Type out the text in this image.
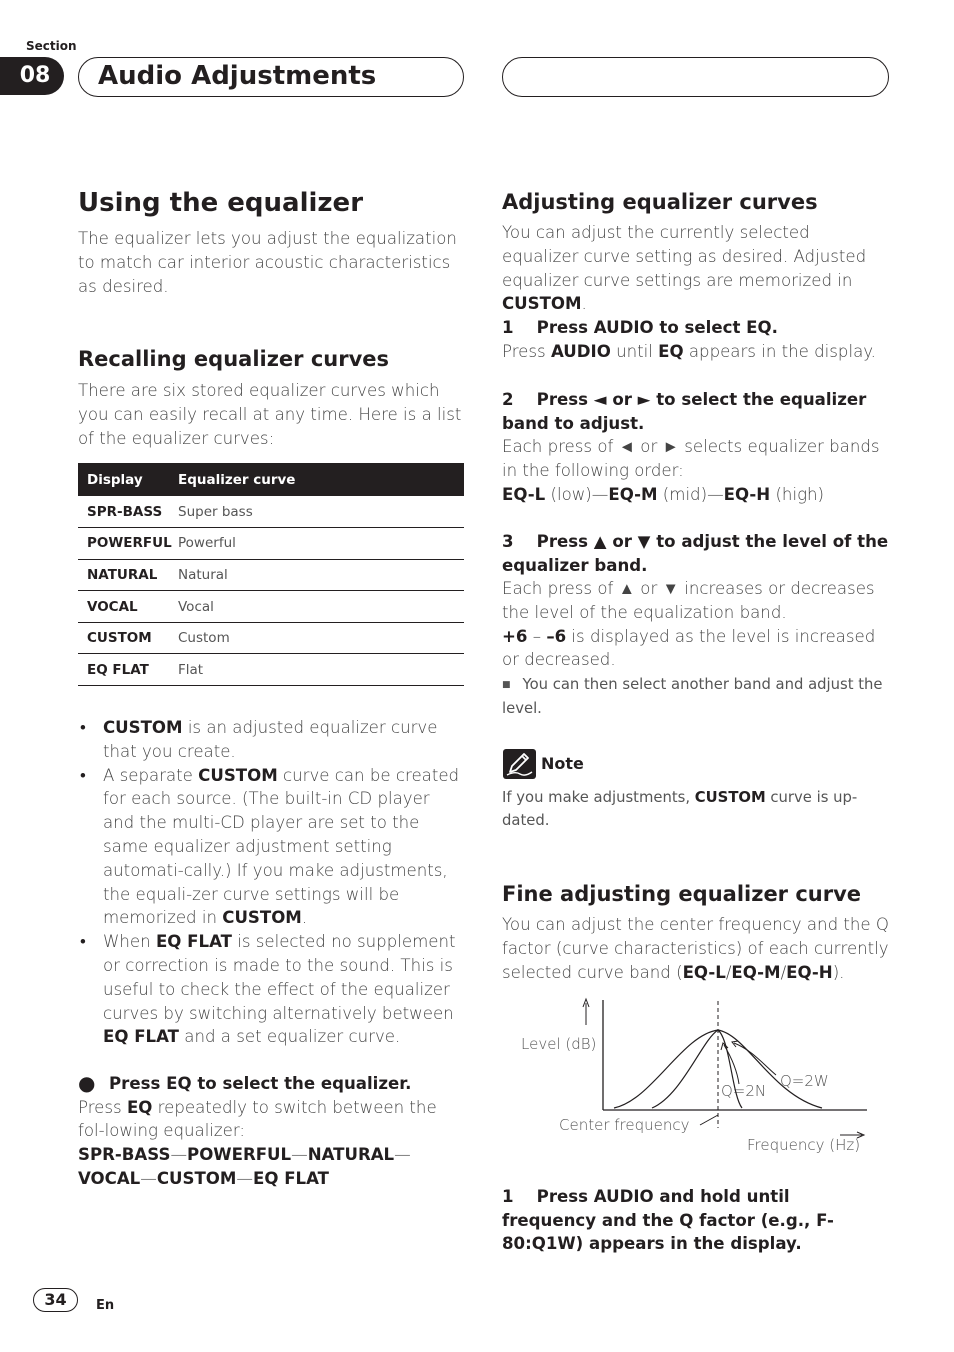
Section
08	Audio Adjustments
Using the equalizer

The equalizer lets you adjust the equalization to match car interior acoustic characteristics as desired.

Recalling equalizer curves

There are six stored equalizer curves which you can easily recall at any time. Here is a list of the equalizer curves:

Display	Equalizer curve
SPR-BASS	Super bass
POWERFUL	Powerful
NATURAL	Natural
VOCAL	Vocal
CUSTOM	Custom
EQ FLAT	Flat
• CUSTOM is an adjusted equalizer curve that you create.
• A separate CUSTOM curve can be created for each source. (The built-in CD player and the multi-CD player are set to the same equalizer adjustment setting automati-cally.) If you make adjustments, the equali-zer curve settings will be memorized in CUSTOM.
• When EQ FLAT is selected no supplement or correction is made to the sound. This is useful to check the effect of the equalizer curves by switching alternatively between EQ FLAT and a set equalizer curve.
● Press EQ to select the equalizer.

Press EQ repeatedly to switch between the fol-lowing equalizer:

SPR-BASS—POWERFUL—NATURAL—VOCAL—CUSTOM—EQ FLAT

Adjusting equalizer curves

You can adjust the currently selected equalizer curve setting as desired. Adjusted equalizer curve settings are memorized in CUSTOM.

1    Press AUDIO to select EQ.

Press AUDIO until EQ appears in the display.

2    Press ◄ or ► to select the equalizer band to adjust.

Each press of ◄ or ► selects equalizer bands in the following order:

EQ-L (low)—EQ-M (mid)—EQ-H (high)

3    Press ▲ or ▼ to adjust the level of the equalizer band.

Each press of ▲ or ▼ increases or decreases the level of the equalization band.

+6 – –6 is displayed as the level is increased or decreased.

■ You can then select another band and adjust the level.

Note

If you make adjustments, CUSTOM curve is up-dated.

Fine adjusting equalizer curve

You can adjust the center frequency and the Q factor (curve characteristics) of each currently selected curve band (EQ-L/EQ-M/EQ-H).

Level (dB)
Q=2W
Q=2N
Center frequency
Frequency (Hz)
1    Press AUDIO and hold until frequency and the Q factor (e.g., F- 80:Q1W) appears in the display.
34	En
